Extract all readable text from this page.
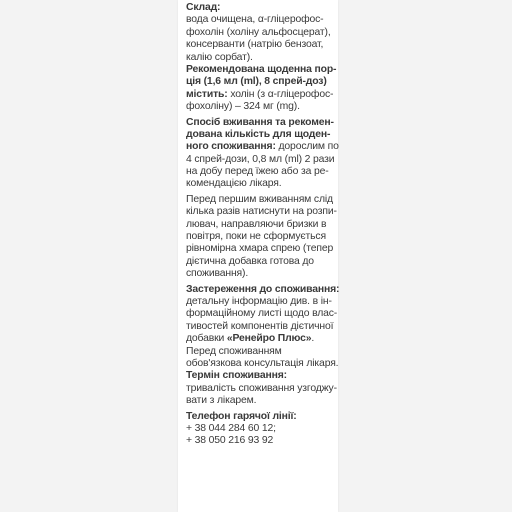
Склад:
вода очищена, α-гліцерофос-
фохолін (холіну альфосцерат),
консерванти (натрію бензоат,
калію сорбат).
Рекомендована щоденна пор-
ція (1,6 мл (ml), 8 спрей-доз)
містить: холін (з α-гліцерофос-
фохоліну) – 324 мг (mg).
Спосіб вживання та рекомен-
дована кількість для щоден-
ного споживання: дорослим по
4 спрей-дози, 0,8 мл (ml) 2 рази
на добу перед їжею або за ре-
комендацією лікаря.
Перед першим вживанням слід
кілька разів натиснути на розпи-
лювач, направляючи бризки в
повітря, поки не сформується
рівномірна хмара спрею (тепер
дієтична добавка готова до
споживання).
Застереження до споживання:
детальну інформацію див. в ін-
формаційному листі щодо влас-
тивостей компонентів дієтичної
добавки «Ренейро Плюс».
Перед споживанням
обов'язкова консультація лікаря.
Термін споживання:
тривалість споживання узгоджу-
вати з лікарем.
Телефон гарячої лінії:
+ 38 044 284 60 12;
+ 38 050 216 93 92
